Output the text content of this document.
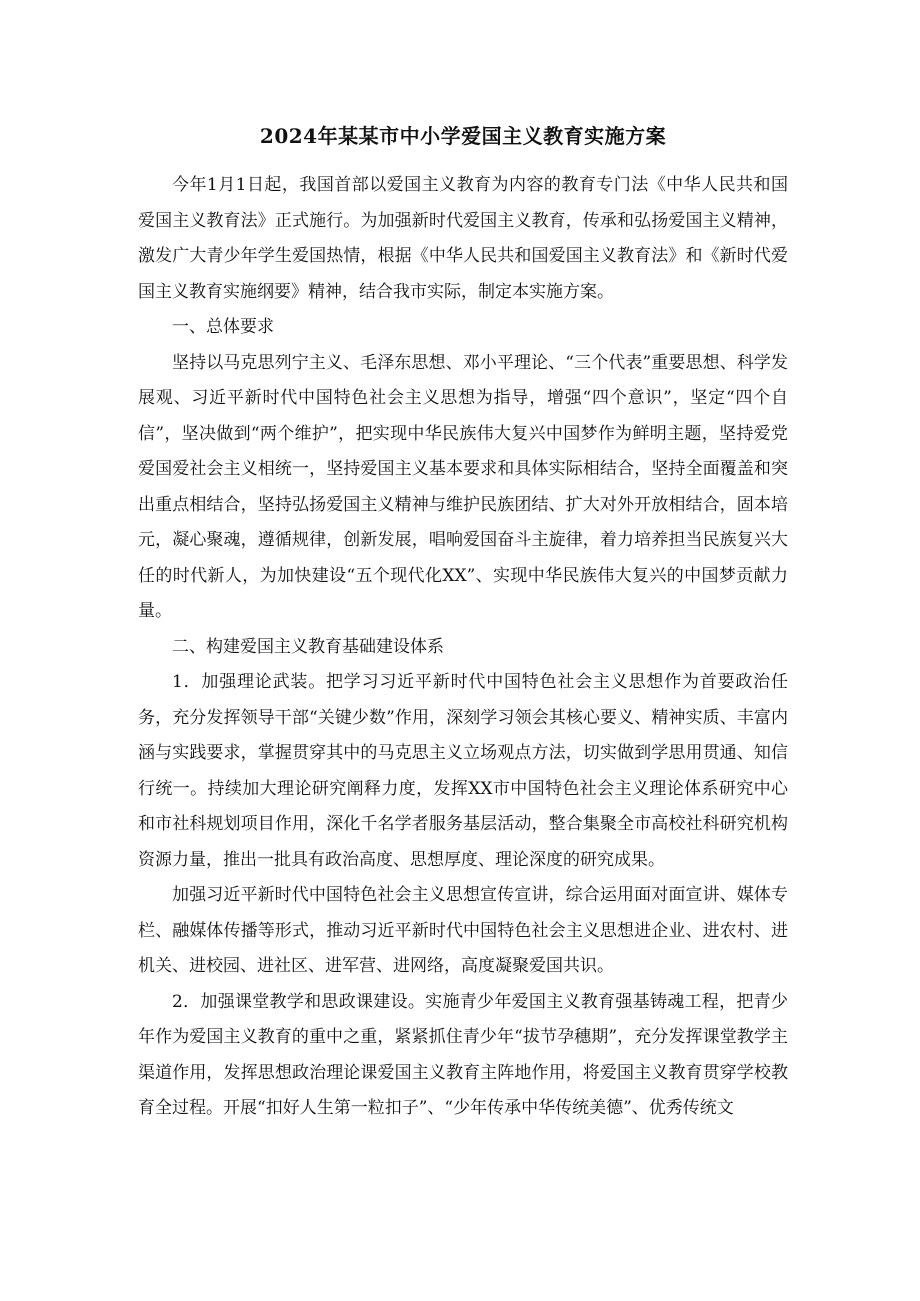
2024年某某市中小学爱国主义教育实施方案

今年1月1日起，我国首部以爱国主义教育为内容的教育专门法《中华人民共和国爱国主义教育法》正式施行。为加强新时代爱国主义教育，传承和弘扬爱国主义精神，激发广大青少年学生爱国热情，根据《中华人民共和国爱国主义教育法》和《新时代爱国主义教育实施纲要》精神，结合我市实际，制定本实施方案。

一、总体要求

坚持以马克思列宁主义、毛泽东思想、邓小平理论、“三个代表”重要思想、科学发展观、习近平新时代中国特色社会主义思想为指导，增强“四个意识”，坚定“四个自信”，坚决做到“两个维护”，把实现中华民族伟大复兴中国梦作为鲜明主题，坚持爱党爱国爱社会主义相统一，坚持爱国主义基本要求和具体实际相结合，坚持全面覆盖和突出重点相结合，坚持弘扬爱国主义精神与维护民族团结、扩大对外开放相结合，固本培元，凝心聚魂，遵循规律，创新发展，唱响爱国奋斗主旋律，着力培养担当民族复兴大任的时代新人，为加快建设“五个现代化XX”、实现中华民族伟大复兴的中国梦贡献力量。

二、构建爱国主义教育基础建设体系

1．加强理论武装。把学习习近平新时代中国特色社会主义思想作为首要政治任务，充分发挥领导干部“关键少数”作用，深刻学习领会其核心要义、精神实质、丰富内涵与实践要求，掌握贯穿其中的马克思主义立场观点方法，切实做到学思用贯通、知信行统一。持续加大理论研究阐释力度，发挥XX市中国特色社会主义理论体系研究中心和市社科规划项目作用，深化千名学者服务基层活动，整合集聚全市高校社科研究机构资源力量，推出一批具有政治高度、思想厚度、理论深度的研究成果。

加强习近平新时代中国特色社会主义思想宣传宣讲，综合运用面对面宣讲、媒体专栏、融媒体传播等形式，推动习近平新时代中国特色社会主义思想进企业、进农村、进机关、进校园、进社区、进军营、进网络，高度凝聚爱国共识。

2．加强课堂教学和思政课建设。实施青少年爱国主义教育强基铸魂工程，把青少年作为爱国主义教育的重中之重，紧紧抓住青少年“拔节孕穗期”，充分发挥课堂教学主渠道作用，发挥思想政治理论课爱国主义教育主阵地作用，将爱国主义教育贯穿学校教育全过程。开展“扣好人生第一粒扣子”、“少年传承中华传统美德”、优秀传统文
